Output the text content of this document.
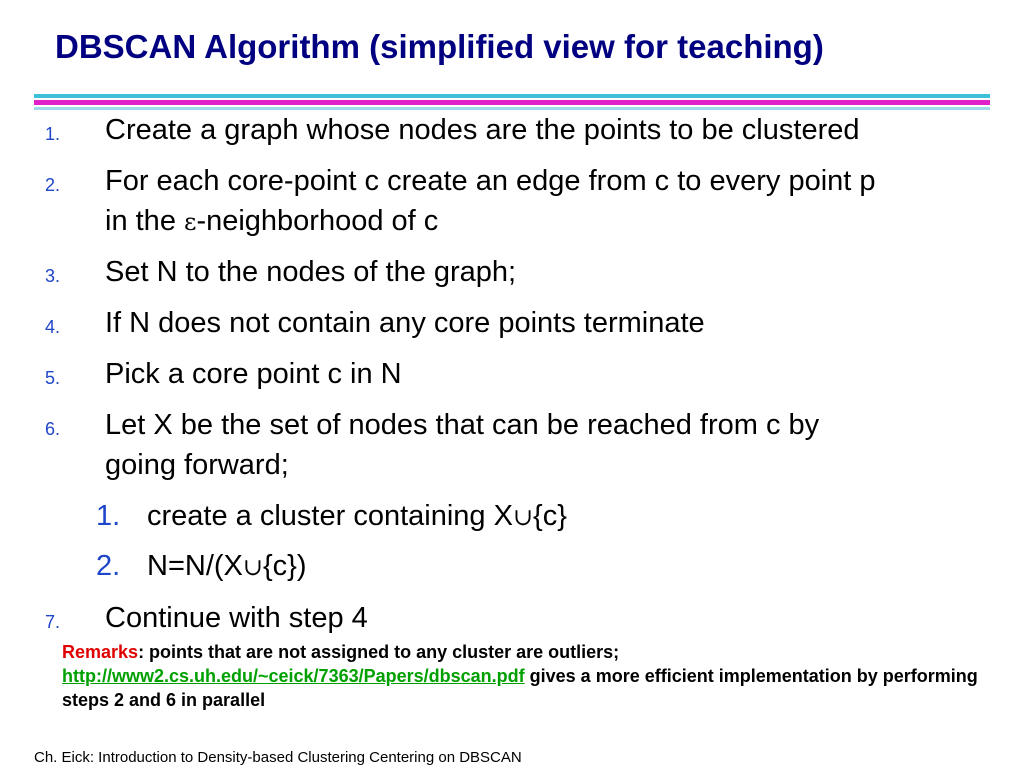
DBSCAN Algorithm (simplified view for teaching)
1. Create a graph whose nodes are the points to be clustered
2. For each core-point c create an edge from c to every point p
in the ε-neighborhood of c
3. Set N to the nodes of the graph;
4. If N does not contain any core points terminate
5. Pick a core point c in N
6. Let X be the set of nodes that can be reached from c by
going forward;
1. create a cluster containing X∪{c}
2. N=N/(X∪{c})
7. Continue with step 4
Remarks: points that are not assigned to any cluster are outliers;
http://www2.cs.uh.edu/~ceick/7363/Papers/dbscan.pdf gives a more efficient implementation by performing steps 2 and 6 in parallel
Ch. Eick: Introduction to Density-based Clustering Centering on DBSCAN
